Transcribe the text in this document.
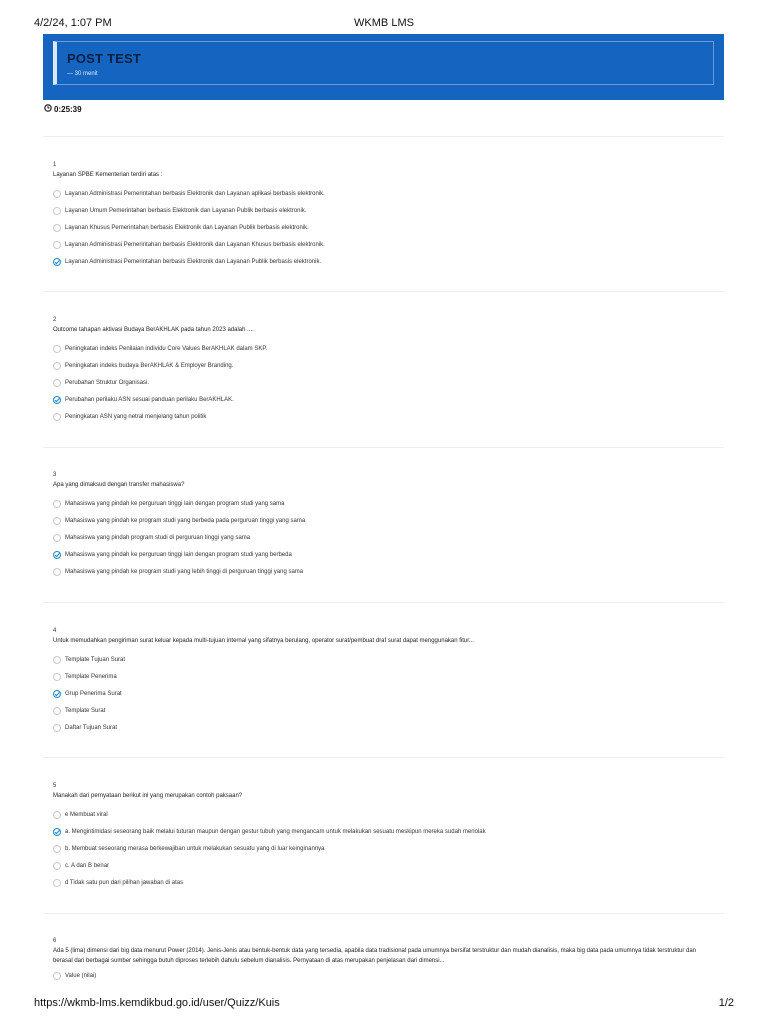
4/2/24, 1:07 PM	WKMB LMS
POST TEST
— 30 menit
0:25:39
1
Layanan SPBE Kementerian terdiri atas :
Layanan Administrasi Pemerintahan berbasis Elektronik dan Layanan aplikasi berbasis elektronik.
Layanan Umum Pemerintahan berbasis Elektronik dan Layanan Publik berbasis elektronik.
Layanan Khusus Pemerintahan berbasis Elektronik dan Layanan Publik berbasis elektronik.
Layanan Administrasi Pemerintahan berbasis Elektronik dan Layanan Khusus berbasis elektronik.
Layanan Administrasi Pemerintahan berbasis Elektronik dan Layanan Publik berbasis elektronik.
2
Outcome tahapan aktivasi Budaya BerAKHLAK pada tahun 2023 adalah ....
Peningkatan indeks Penilaian individu Core Values BerAKHLAK dalam SKP.
Peningkatan indeks budaya BerAKHLAK & Employer Branding.
Perubahan Struktur Organisasi.
Perubahan perilaku ASN sesuai panduan perilaku BerAKHLAK.
Peningkatan ASN yang netral menjelang tahun politik
3
Apa yang dimaksud dengan transfer mahasiswa?
Mahasiswa yang pindah ke perguruan tinggi lain dengan program studi yang sama
Mahasiswa yang pindah ke program studi yang berbeda pada perguruan tinggi yang sama
Mahasiswa yang pindah program studi di perguruan tinggi yang sama
Mahasiswa yang pindah ke perguruan tinggi lain dengan program studi yang berbeda
Mahasiswa yang pindah ke program studi yang lebih tinggi di perguruan tinggi yang sama
4
Untuk memudahkan pengiriman surat keluar kepada multi-tujuan internal yang sifatnya berulang, operator surat/pembuat draf surat dapat menggunakan fitur...
Template Tujuan Surat
Template Penerima
Grup Penerima Surat
Template Surat
Daftar Tujuan Surat
5
Manakah dari pernyataan berikut ini yang merupakan contoh paksaan?
e Membuat viral
a. Mengintimidasi seseorang baik melalui tuturan maupun dengan gestur tubuh yang mengancam untuk melakukan sesuatu meskipun mereka sudah menolak
b. Membuat seseorang merasa berkewajiban untuk melakukan sesuatu yang di luar keinginannya
c. A dan B benar
d Tidak satu pun dari pilihan jawaban di atas
6
Ada 5 (lima) dimensi dari big data menurut Power (2014). Jenis-Jenis atau bentuk-bentuk data yang tersedia, apabila data tradisional pada umumnya bersifat terstruktur dan mudah dianalisis, maka big data pada umumnya tidak terstruktur dan berasal dari berbagai sumber sehingga butuh diproses terlebih dahulu sebelum dianalisis. Pernyataan di atas merupakan penjelasan dari dimensi...
Value (nilai)
https://wkmb-lms.kemdikbud.go.id/user/Quizz/Kuis	1/2
